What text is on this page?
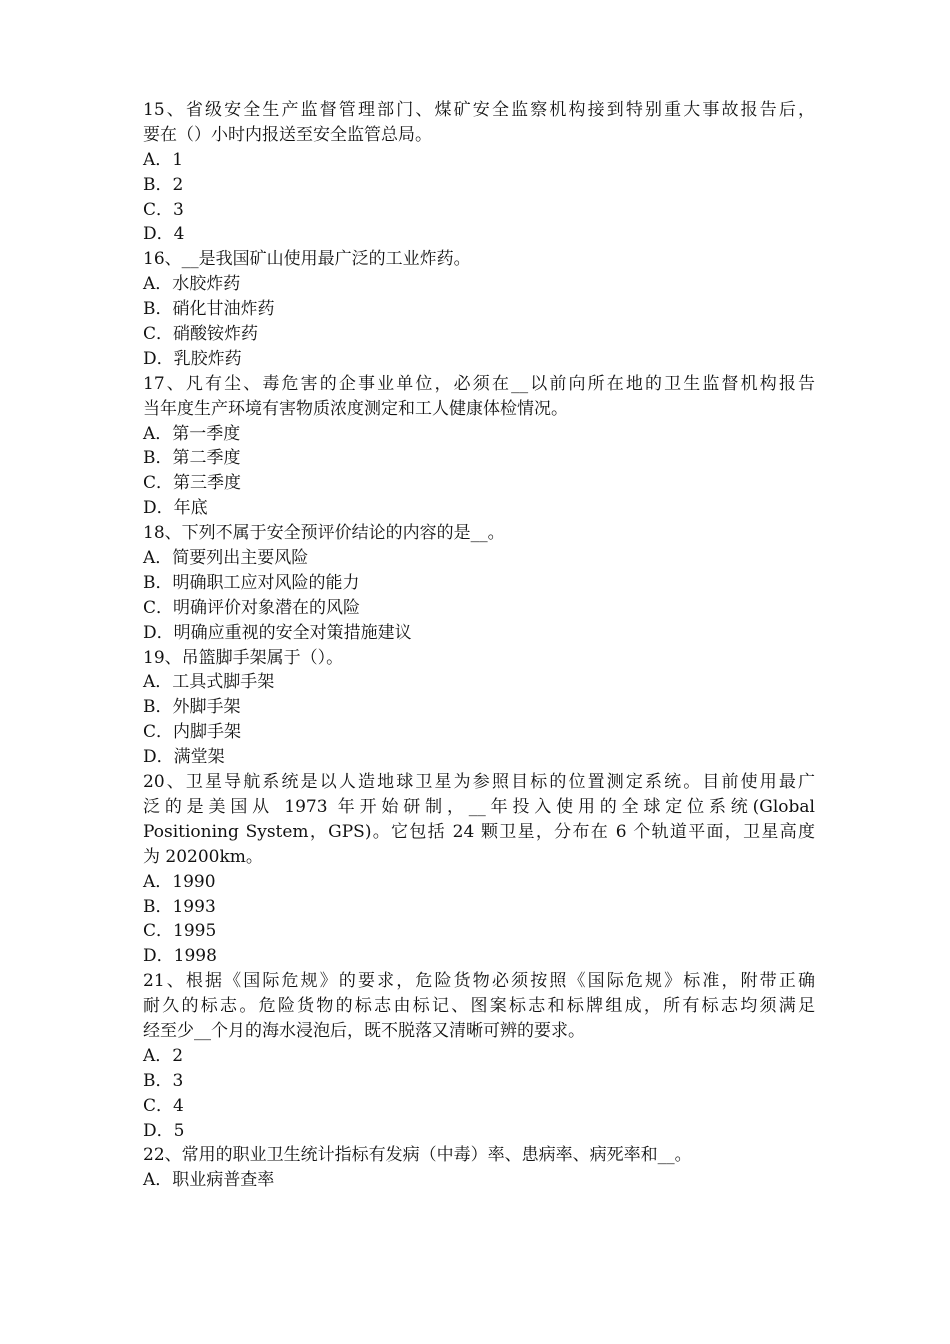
15、省级安全生产监督管理部门、煤矿安全监察机构接到特别重大事故报告后，

要在（）小时内报送至安全监管总局。

A．1

B．2

C．3

D．4

16、__是我国矿山使用最广泛的工业炸药。

A．水胶炸药

B．硝化甘油炸药

C．硝酸铵炸药

D．乳胶炸药

17、凡有尘、毒危害的企事业单位，必须在__以前向所在地的卫生监督机构报告

当年度生产环境有害物质浓度测定和工人健康体检情况。

A．第一季度

B．第二季度

C．第三季度

D．年底

18、下列不属于安全预评价结论的内容的是__。

A．简要列出主要风险

B．明确职工应对风险的能力

C．明确评价对象潜在的风险

D．明确应重视的安全对策措施建议

19、吊篮脚手架属于（）。

A．工具式脚手架

B．外脚手架

C．内脚手架

D．满堂架

20、卫星导航系统是以人造地球卫星为参照目标的位置测定系统。目前使用最广

泛的是美国从 1973 年开始研制，__年投入使用的全球定位系统(Global

Positioning System，GPS)。它包括 24 颗卫星，分布在 6 个轨道平面，卫星高度

为 20200km。

A．1990

B．1993

C．1995

D．1998

21、根据《国际危规》的要求，危险货物必须按照《国际危规》标准，附带正确

耐久的标志。危险货物的标志由标记、图案标志和标牌组成，所有标志均须满足

经至少__个月的海水浸泡后，既不脱落又清晰可辨的要求。

A．2

B．3

C．4

D．5

22、常用的职业卫生统计指标有发病（中毒）率、患病率、病死率和__。

A．职业病普查率
